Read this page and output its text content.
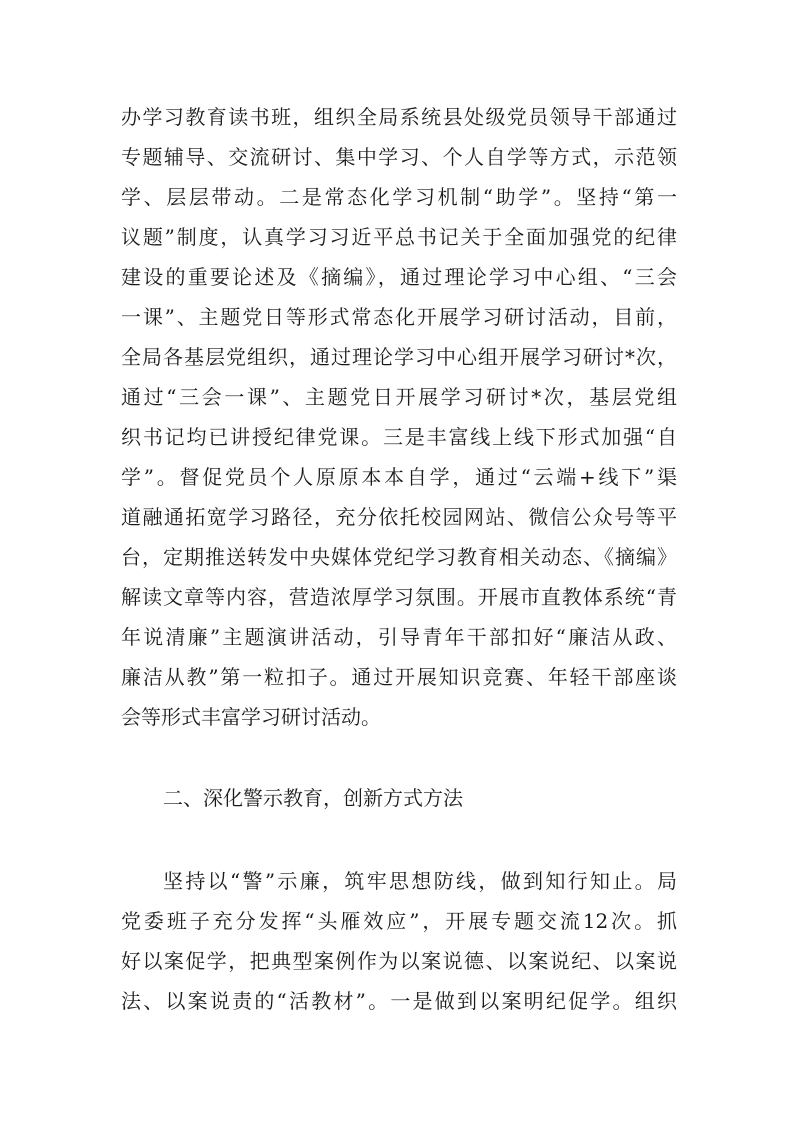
办学习教育读书班，组织全局系统县处级党员领导干部通过
专题辅导、交流研讨、集中学习、个人自学等方式，示范领
学、层层带动。二是常态化学习机制“助学”。坚持“第一
议题”制度，认真学习习近平总书记关于全面加强党的纪律
建设的重要论述及《摘编》，通过理论学习中心组、“三会
一课”、主题党日等形式常态化开展学习研讨活动，目前，
全局各基层党组织，通过理论学习中心组开展学习研讨*次，
通过“三会一课”、主题党日开展学习研讨*次，基层党组
织书记均已讲授纪律党课。三是丰富线上线下形式加强“自
学”。督促党员个人原原本本自学，通过“云端+线下”渠
道融通拓宽学习路径，充分依托校园网站、微信公众号等平
台，定期推送转发中央媒体党纪学习教育相关动态、《摘编》
解读文章等内容，营造浓厚学习氛围。开展市直教体系统“青
年说清廉”主题演讲活动，引导青年干部扣好“廉洁从政、
廉洁从教”第一粒扣子。通过开展知识竞赛、年轻干部座谈
会等形式丰富学习研讨活动。
二、深化警示教育，创新方式方法
坚持以“警”示廉，筑牢思想防线，做到知行知止。局
党委班子充分发挥“头雁效应”，开展专题交流12次。抓
好以案促学，把典型案例作为以案说德、以案说纪、以案说
法、以案说责的“活教材”。一是做到以案明纪促学。组织
